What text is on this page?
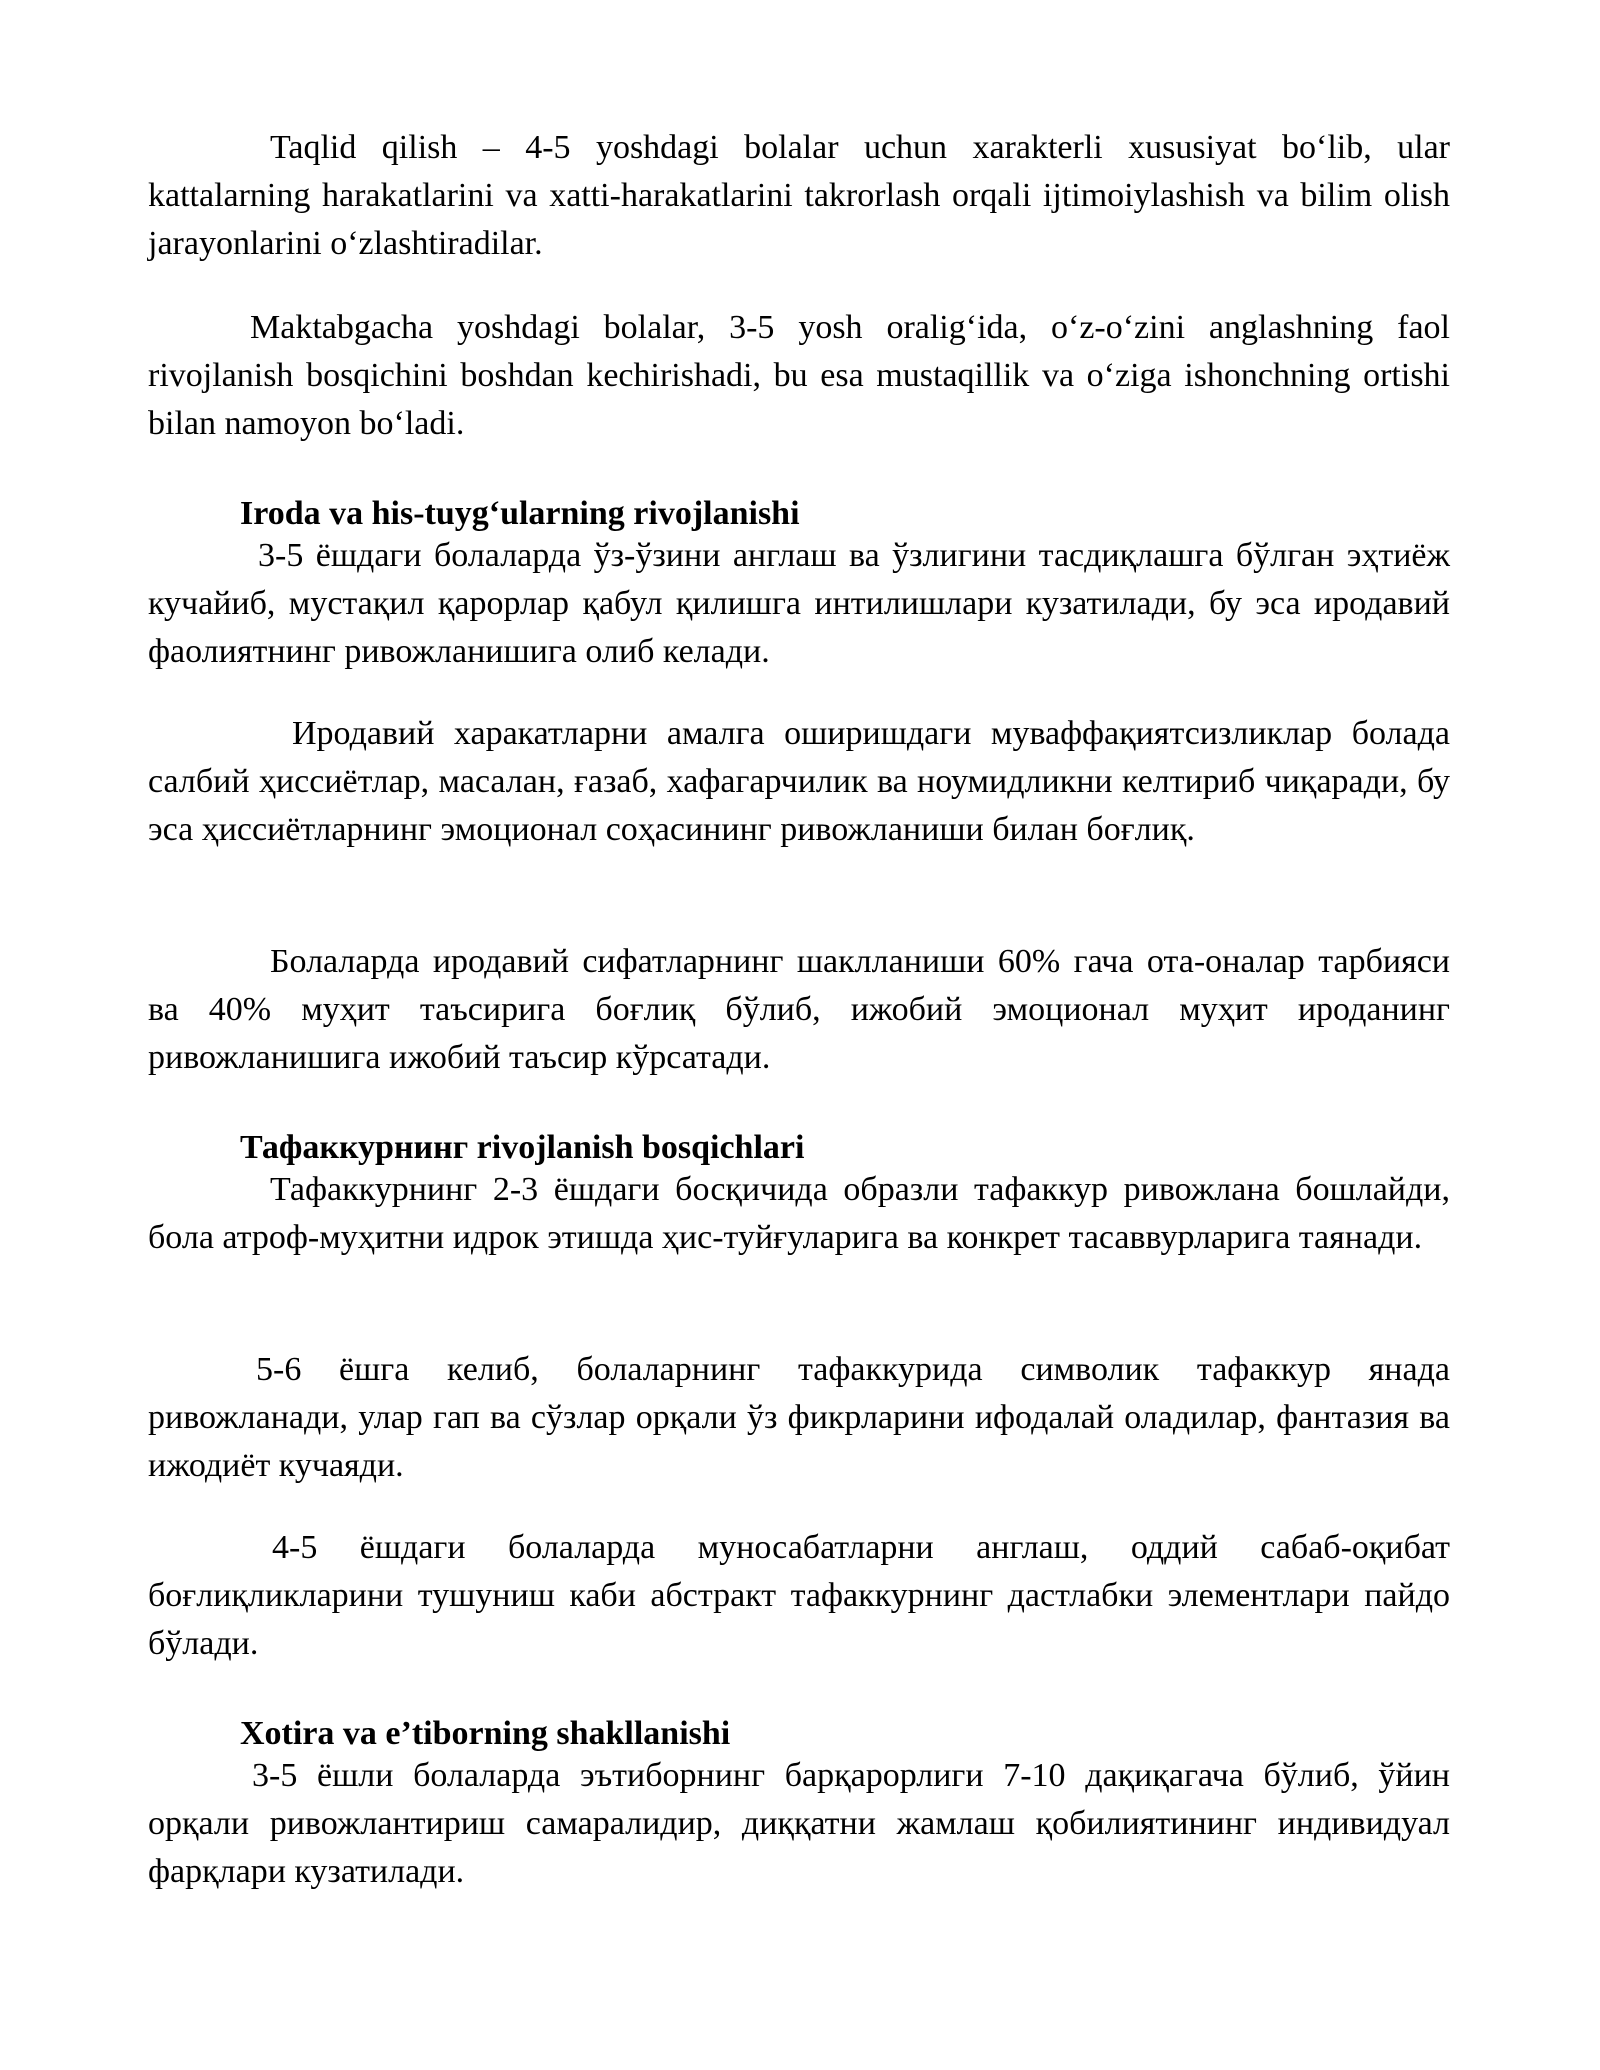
Taqlid qilish – 4-5 yoshdagi bolalar uchun xarakterli xususiyat bo‘lib, ular kattalarning harakatlarini va xatti-harakatlarini takrorlash orqali ijtimoiylashish va bilim olish jarayonlarini o‘zlashtiradilar.

Maktabgacha yoshdagi bolalar, 3-5 yosh oralig‘ida, o‘z-o‘zini anglashning faol rivojlanish bosqichini boshdan kechirishadi, bu esa mustaqillik va o‘ziga ishonchning ortishi bilan namoyon bo‘ladi.

Iroda va his-tuyg‘ularning rivojlanishi

3-5 ёшдаги болаларда ўз-ўзини англаш ва ўзлигини тасдиқлашга бўлган эҳтиёж кучайиб, мустақил қарорлар қабул қилишга интилишлари кузатилади, бу эса иродавий фаолиятнинг ривожланишига олиб келади.

Иродавий харакатларни амалга оширишдаги муваффақиятсизликлар болада салбий ҳиссиётлар, масалан, ғазаб, хафагарчилик ва ноумидликни келтириб чиқаради, бу эса ҳиссиётларнинг эмоционал соҳасининг ривожланиши билан боғлиқ.

Болаларда иродавий сифатларнинг шаклланиши 60% гача ота-оналар тарбияси ва 40% муҳит таъсирига боғлиқ бўлиб, ижобий эмоционал муҳит ироданинг ривожланишига ижобий таъсир кўрсатади.

Тафаккурнинг rivojlanish bosqichlari

Тафаккурнинг 2-3 ёшдаги босқичида образли тафаккур ривожлана бошлайди, бола атроф-муҳитни идрок этишда ҳис-туйғуларига ва конкрет тасаввурларига таянади.

5-6 ёшга келиб, болаларнинг тафаккурида символик тафаккур янада ривожланади, улар гап ва сўзлар орқали ўз фикрларини ифодалай оладилар, фантазия ва ижодиёт кучаяди.

4-5 ёшдаги болаларда муносабатларни англаш, оддий сабаб-оқибат боғлиқликларини тушуниш каби абстракт тафаккурнинг дастлабки элементлари пайдо бўлади.

Xotira va e’tiborning shakllanishi

3-5 ёшли болаларда эътиборнинг барқарорлиги 7-10 дақиқагача бўлиб, ўйин орқали ривожлантириш самаралидир, диққатни жамлаш қобилиятининг индивидуал фарқлари кузатилади.
